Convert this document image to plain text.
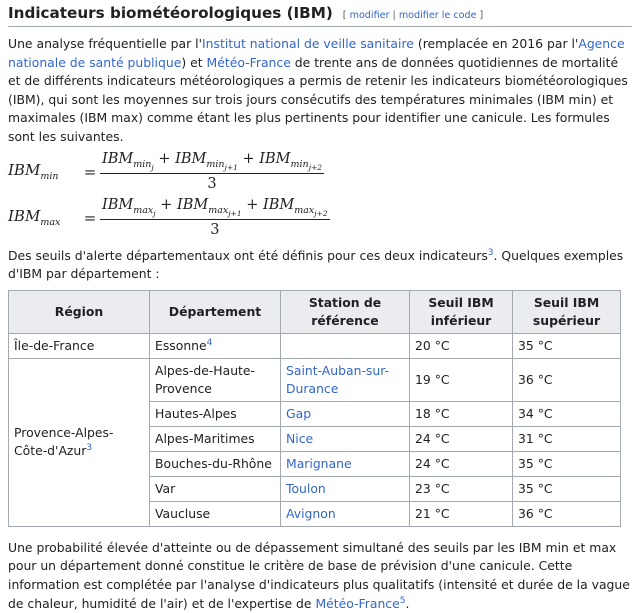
Indicateurs biométéorologiques (IBM) [ modifier | modifier le code ]

Une analyse fréquentielle par l'Institut national de veille sanitaire (remplacée en 2016 par l'Agence nationale de santé publique) et Météo-France de trente ans de données quotidiennes de mortalité et de différents indicateurs météorologiques a permis de retenir les indicateurs biométéorologiques (IBM), qui sont les moyennes sur trois jours consécutifs des températures minimales (IBM min) et maximales (IBM max) comme étant les plus pertinents pour identifier une canicule. Les formules sont les suivantes.

$IBM_{min}$	= $\frac{IBM_{min_j} + IBM_{min_{j+1}} + IBM_{min_{j+2}}}{3}$
$IBM_{max}$	= $\frac{IBM_{max_j} + IBM_{max_{j+1}} + IBM_{max_{j+2}}}{3}$

Des seuils d'alerte départementaux ont été définis pour ces deux indicateurs$^3$. Quelques exemples d'IBM par département :

Région	Département	Station de référence	Seuil IBM inférieur	Seuil IBM supérieur
Île-de-France	Essonne$^4$		20 °C	35 °C
Provence-Alpes-Côte-d'Azur$^3$	Alpes-de-Haute-Provence	Saint-Auban-sur-Durance	19 °C	36 °C
	Hautes-Alpes	Gap	18 °C	34 °C
	Alpes-Maritimes	Nice	24 °C	31 °C
	Bouches-du-Rhône	Marignane	24 °C	35 °C
	Var	Toulon	23 °C	35 °C
	Vaucluse	Avignon	21 °C	36 °C

Une probabilité élevée d'atteinte ou de dépassement simultané des seuils par les IBM min et max pour un département donné constitue le critère de base de prévision d'une canicule. Cette information est complétée par l'analyse d'indicateurs plus qualitatifs (intensité et durée de la vague de chaleur, humidité de l'air) et de l'expertise de Météo-France$^5$.
